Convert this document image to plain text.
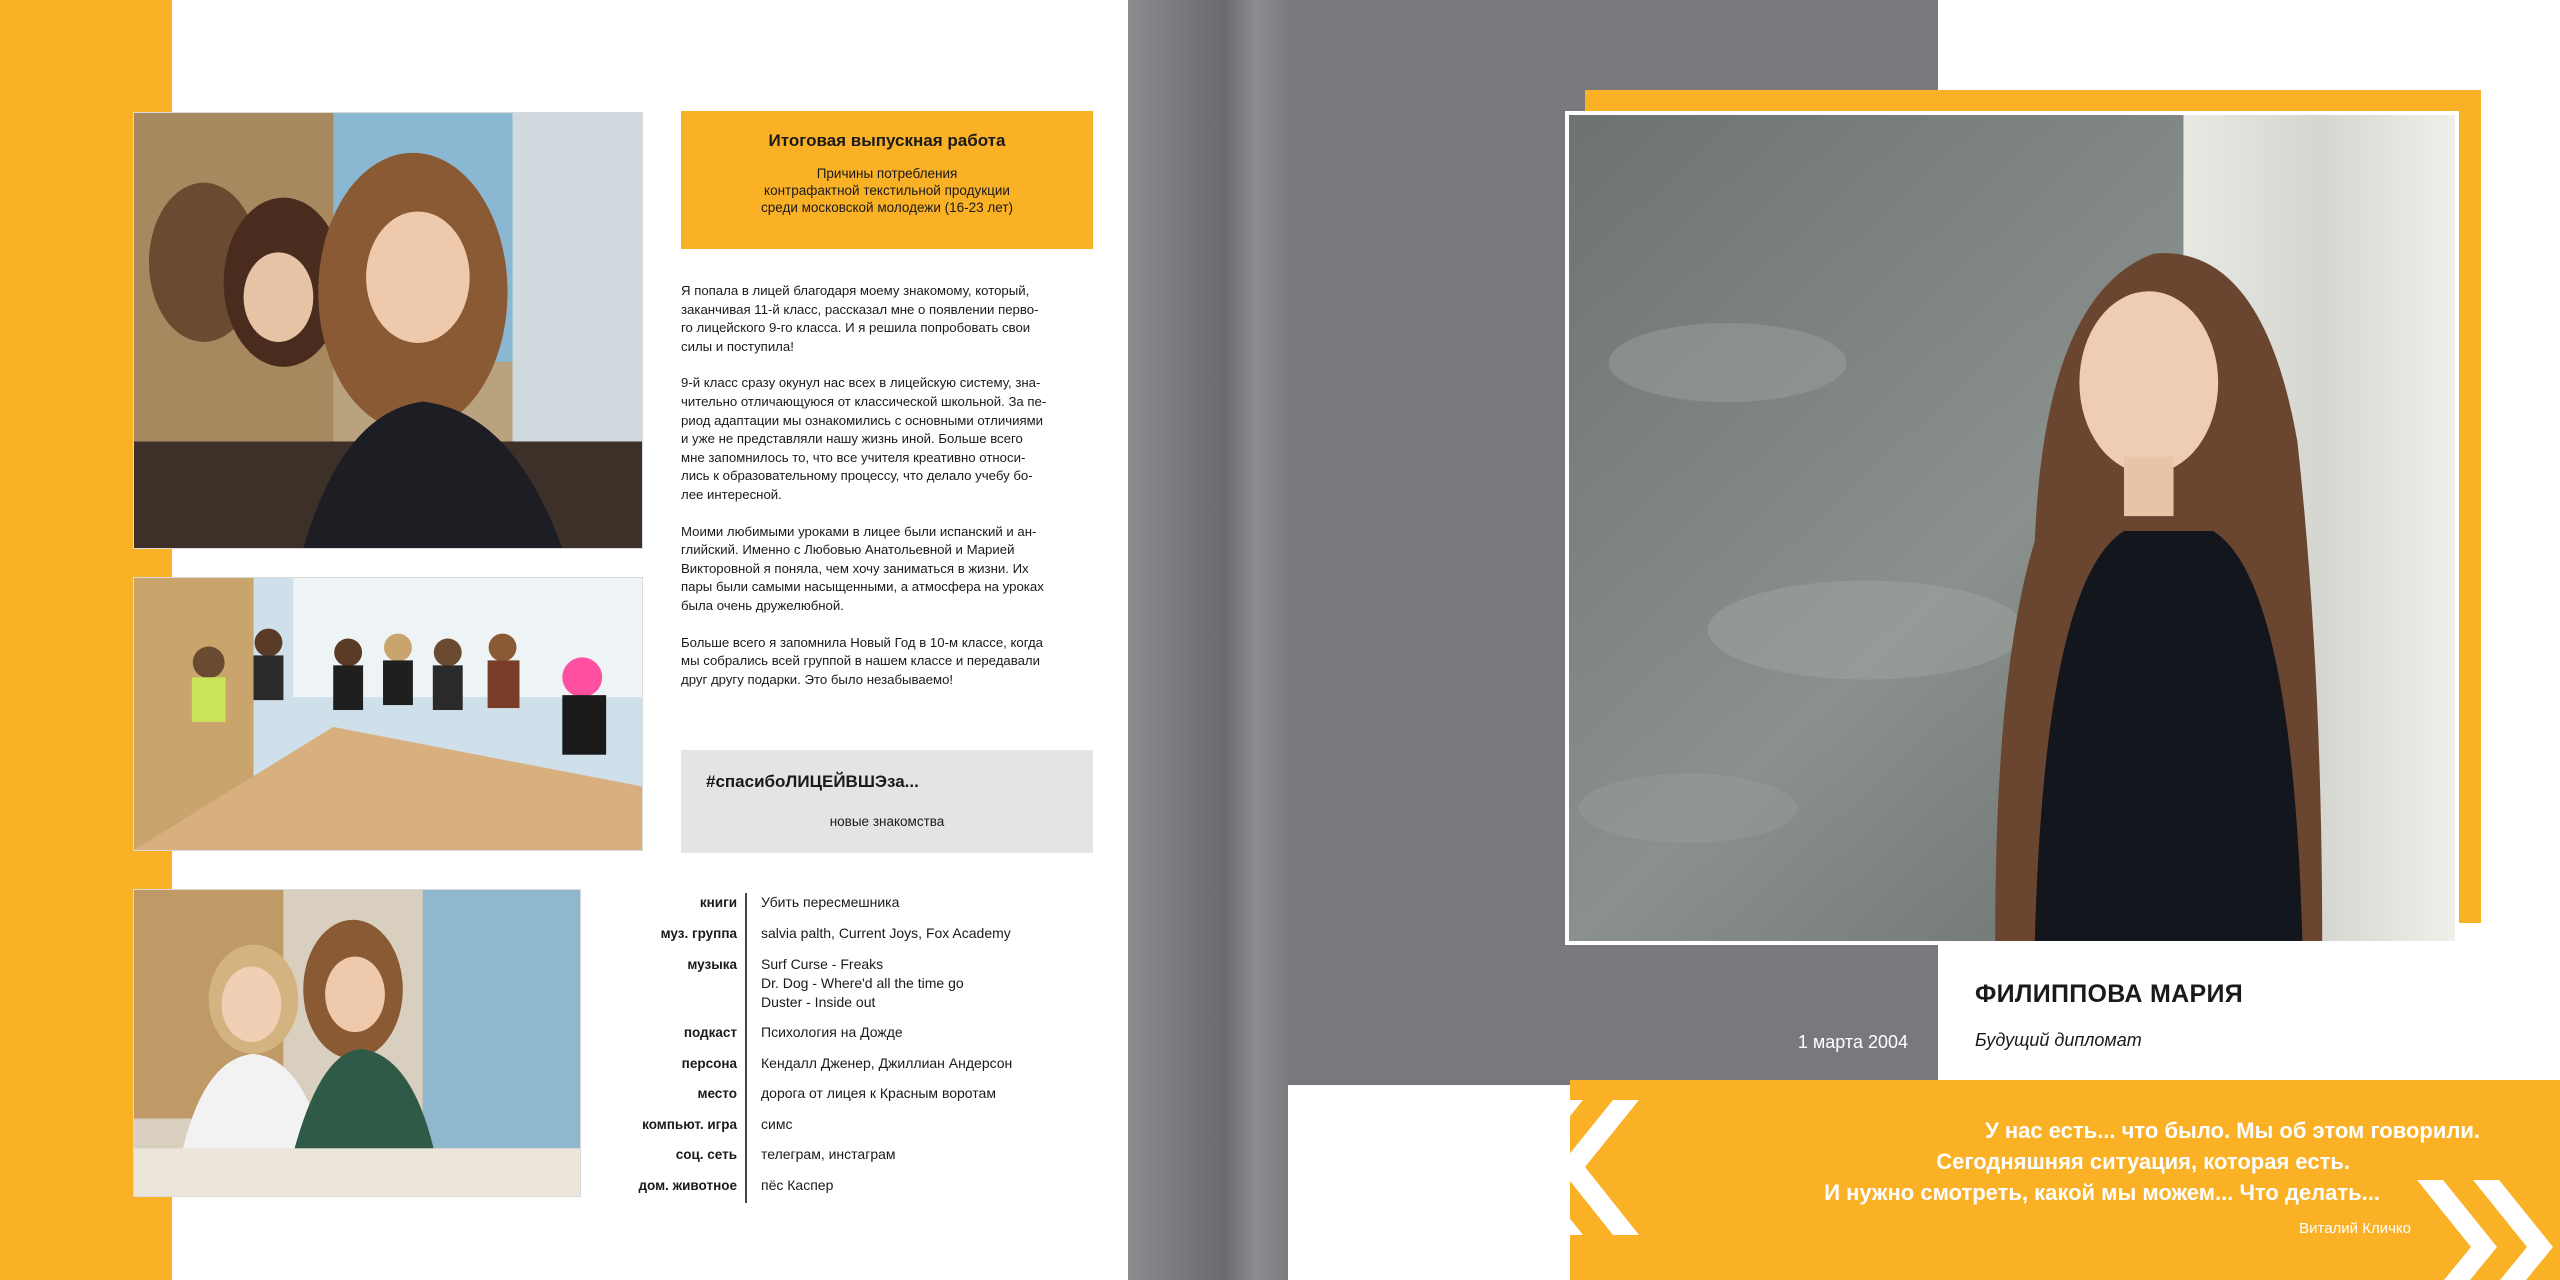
Итоговая выпускная работа
Причины потребления
контрафактной текстильной продукции
среди московской молодежи (16-23 лет)

Я попала в лицей благодаря моему знакомому, который,
заканчивая 11-й класс, рассказал мне о появлении перво-
го лицейского 9-го класса. И я решила попробовать свои
силы и поступила!

9-й класс сразу окунул нас всех в лицейскую систему, зна-
чительно отличающуюся от классической школьной. За пе-
риод адаптации мы ознакомились с основными отличиями
и уже не представляли нашу жизнь иной. Больше всего
мне запомнилось то, что все учителя креативно относи-
лись к образовательному процессу, что делало учебу бо-
лее интересной.

Моими любимыми уроками в лицее были испанский и ан-
глийский. Именно с Любовью Анатольевной и Марией
Викторовной я поняла, чем хочу заниматься в жизни. Их
пары были самыми насыщенными, а атмосфера на уроках
была очень дружелюбной.

Больше всего я запомнила Новый Год в 10-м классе, когда
мы собрались всей группой в нашем классе и передавали
друг другу подарки. Это было незабываемо!

#спасибоЛИЦЕЙВШЭза...
новые знакомства
книги Убить пересмешника
муз. группа salvia palth, Current Joys, Fox Academy
музыка Surf Curse - Freaks
Dr. Dog - Where'd all the time go
Duster - Inside out
подкаст Психология на Дожде
персона Кендалл Дженер, Джиллиан Андерсон
место дорога от лицея к Красным воротам
компьют. игра симс
соц. сеть телеграм, инстаграм
дом. животное пёс Каспер
ФИЛИППОВА МАРИЯ
Будущий дипломат
1 марта 2004
У нас есть... что было. Мы об этом говорили.
Сегодняшняя ситуация, которая есть.
И нужно смотреть, какой мы можем... Что делать...
Виталий Кличко
